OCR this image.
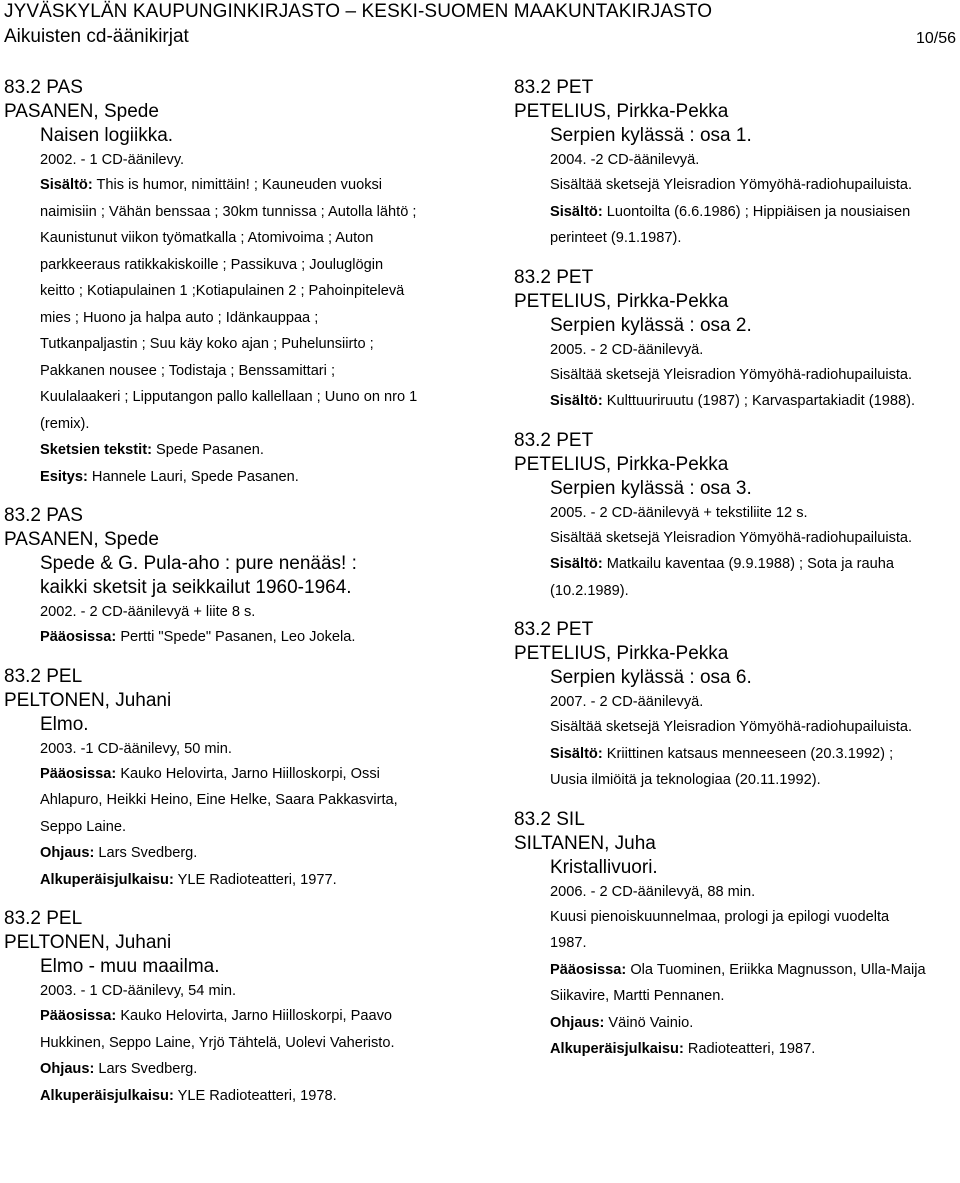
JYVÄSKYLÄN KAUPUNGINKIRJASTO – KESKI-SUOMEN MAAKUNTAKIRJASTO
Aikuisten cd-äänikirjat	10/56
83.2 PAS
PASANEN, Spede
Naisen logiikka.
2002. - 1 CD-äänilevy.
Sisältö: This is humor, nimittäin! ; Kauneuden vuoksi
naimisiin ; Vähän benssaa ; 30km tunnissa ; Autolla lähtö ;
Kaunistunut viikon työmatkalla ; Atomivoima ; Auton
parkkeeraus ratikkakiskoille ; Passikuva ; Jouluglögin
keitto ; Kotiapulainen 1 ;Kotiapulainen 2 ; Pahoinpitelevä
mies ; Huono ja halpa auto ; Idänkauppaa ;
Tutkanpaljastin ; Suu käy koko ajan ; Puhelunsiirto ;
Pakkanen nousee ; Todistaja ; Benssamittari ;
Kuulalaakeri ; Lipputangon pallo kallellaan ; Uuno on nro 1
(remix).
Sketsien tekstit: Spede Pasanen.
Esitys: Hannele Lauri, Spede Pasanen.
83.2 PAS
PASANEN, Spede
Spede & G. Pula-aho : pure nenääs! :
kaikki sketsit ja seikkailut 1960-1964.
2002. - 2 CD-äänilevyä + liite 8 s.
Pääosissa: Pertti "Spede" Pasanen, Leo Jokela.
83.2 PEL
PELTONEN, Juhani
Elmo.
2003. -1 CD-äänilevy, 50 min.
Pääosissa: Kauko Helovirta, Jarno Hiilloskorpi, Ossi
Ahlapuro, Heikki Heino, Eine Helke, Saara Pakkasvirta,
Seppo Laine.
Ohjaus: Lars Svedberg.
Alkuperäisjulkaisu: YLE Radioteatteri, 1977.
83.2 PEL
PELTONEN, Juhani
Elmo - muu maailma.
2003. - 1 CD-äänilevy, 54 min.
Pääosissa: Kauko Helovirta, Jarno Hiilloskorpi, Paavo
Hukkinen, Seppo Laine, Yrjö Tähtelä, Uolevi Vaheristo.
Ohjaus: Lars Svedberg.
Alkuperäisjulkaisu: YLE Radioteatteri, 1978.
83.2 PET
PETELIUS, Pirkka-Pekka
Serpien kylässä : osa 1.
2004. -2 CD-äänilevyä.
Sisältää sketsejä Yleisradion Yömyöhä-radiohupailuista.
Sisältö: Luontoilta (6.6.1986) ; Hippiäisen ja nousiaisen
perinteet (9.1.1987).
83.2 PET
PETELIUS, Pirkka-Pekka
Serpien kylässä : osa 2.
2005. - 2 CD-äänilevyä.
Sisältää sketsejä Yleisradion Yömyöhä-radiohupailuista.
Sisältö: Kulttuuriruutu (1987) ; Karvaspartakiadit (1988).
83.2 PET
PETELIUS, Pirkka-Pekka
Serpien kylässä : osa 3.
2005. - 2 CD-äänilevyä + tekstiliite 12 s.
Sisältää sketsejä Yleisradion Yömyöhä-radiohupailuista.
Sisältö: Matkailu kaventaa (9.9.1988) ; Sota ja rauha
(10.2.1989).
83.2 PET
PETELIUS, Pirkka-Pekka
Serpien kylässä : osa 6.
2007. - 2 CD-äänilevyä.
Sisältää sketsejä Yleisradion Yömyöhä-radiohupailuista.
Sisältö: Kriittinen katsaus menneeseen (20.3.1992) ;
Uusia ilmiöitä ja teknologiaa (20.11.1992).
83.2 SIL
SILTANEN, Juha
Kristallivuori.
2006. - 2 CD-äänilevyä, 88 min.
Kuusi pienoiskuunnelmaa, prologi ja epilogi vuodelta
1987.
Pääosissa: Ola Tuominen, Eriikka Magnusson, Ulla-Maija
Siikavire, Martti Pennanen.
Ohjaus: Väinö Vainio.
Alkuperäisjulkaisu: Radioteatteri, 1987.
